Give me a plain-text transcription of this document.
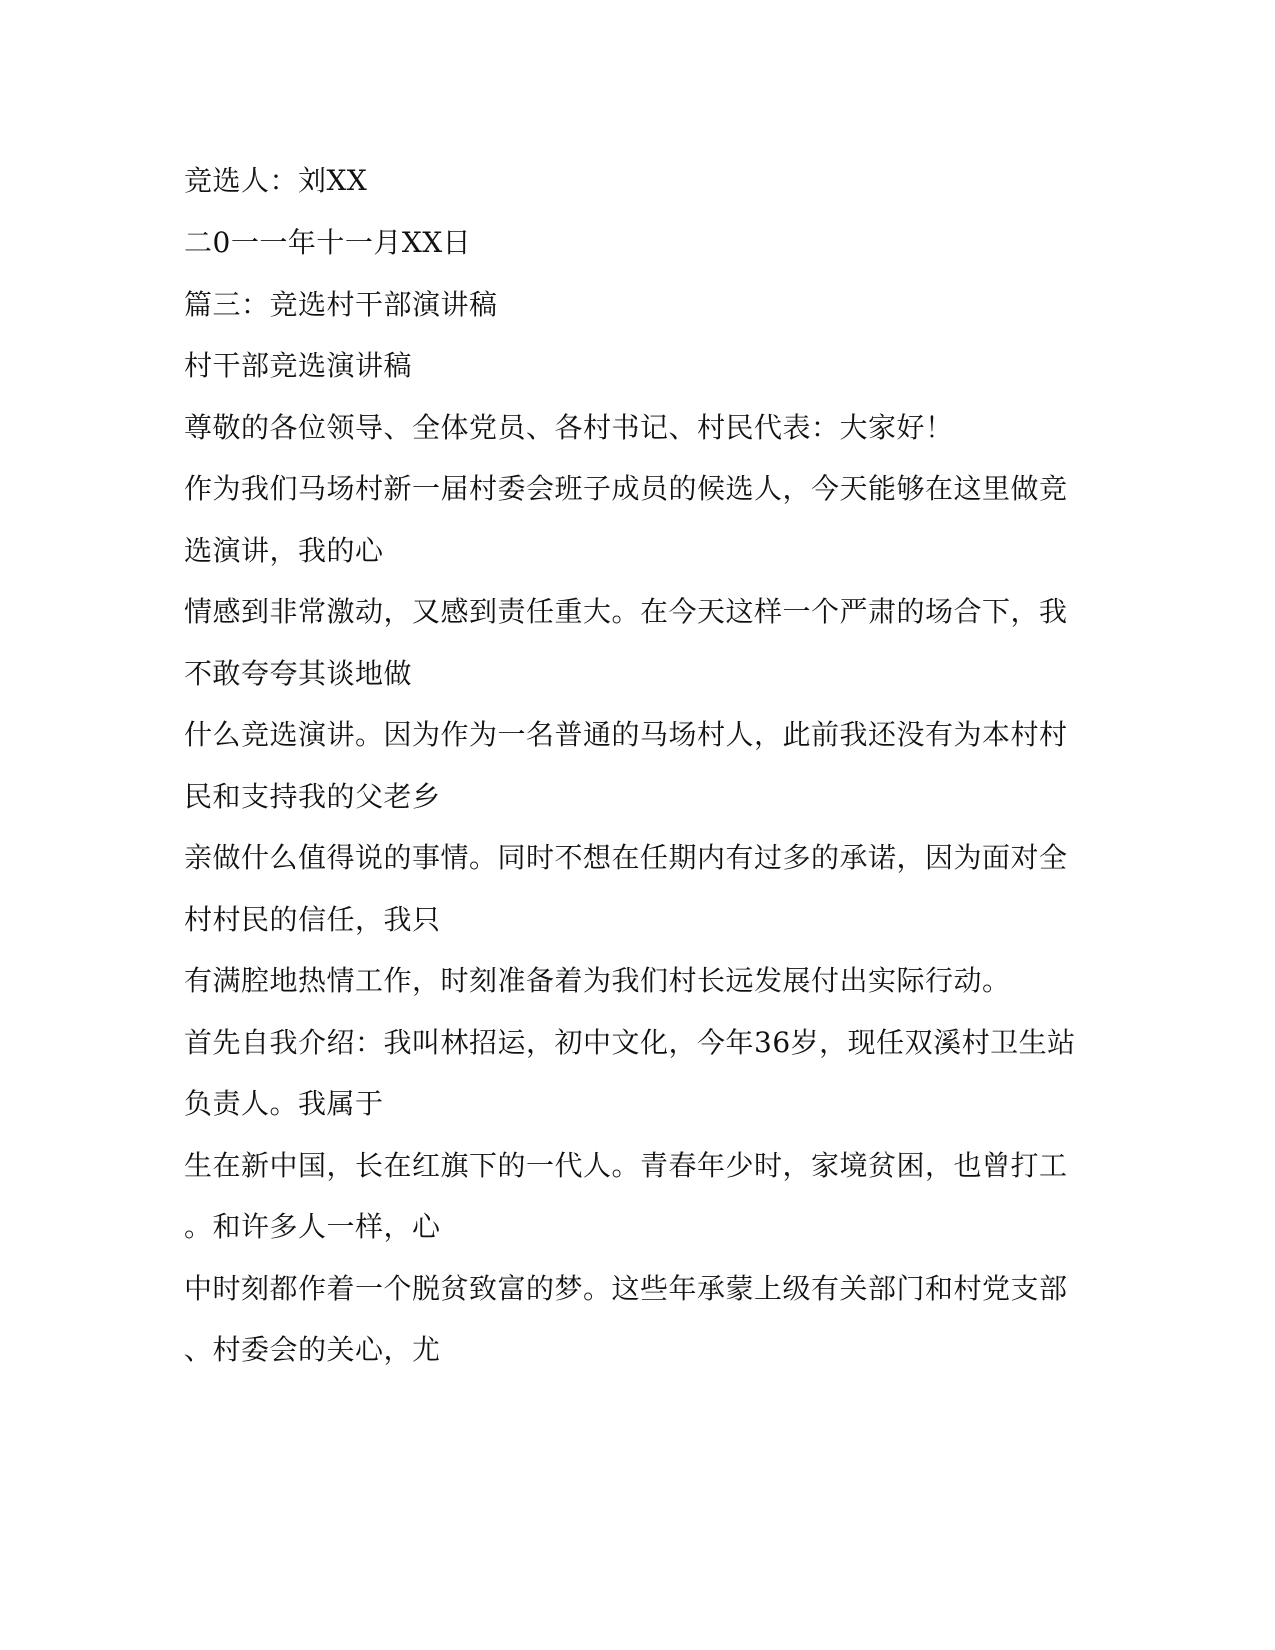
竞选人：刘XX

二0一一年十一月XX日

篇三：竞选村干部演讲稿

村干部竞选演讲稿

尊敬的各位领导、全体党员、各村书记、村民代表：大家好！

作为我们马场村新一届村委会班子成员的候选人，今天能够在这里做竞

选演讲，我的心

情感到非常激动，又感到责任重大。在今天这样一个严肃的场合下，我

不敢夸夸其谈地做

什么竞选演讲。因为作为一名普通的马场村人，此前我还没有为本村村

民和支持我的父老乡

亲做什么值得说的事情。同时不想在任期内有过多的承诺，因为面对全

村村民的信任，我只

有满腔地热情工作，时刻准备着为我们村长远发展付出实际行动。

首先自我介绍：我叫林招运，初中文化，今年36岁，现任双溪村卫生站

负责人。我属于

生在新中国，长在红旗下的一代人。青春年少时，家境贫困，也曾打工

。和许多人一样，心

中时刻都作着一个脱贫致富的梦。这些年承蒙上级有关部门和村党支部

、村委会的关心，尤
